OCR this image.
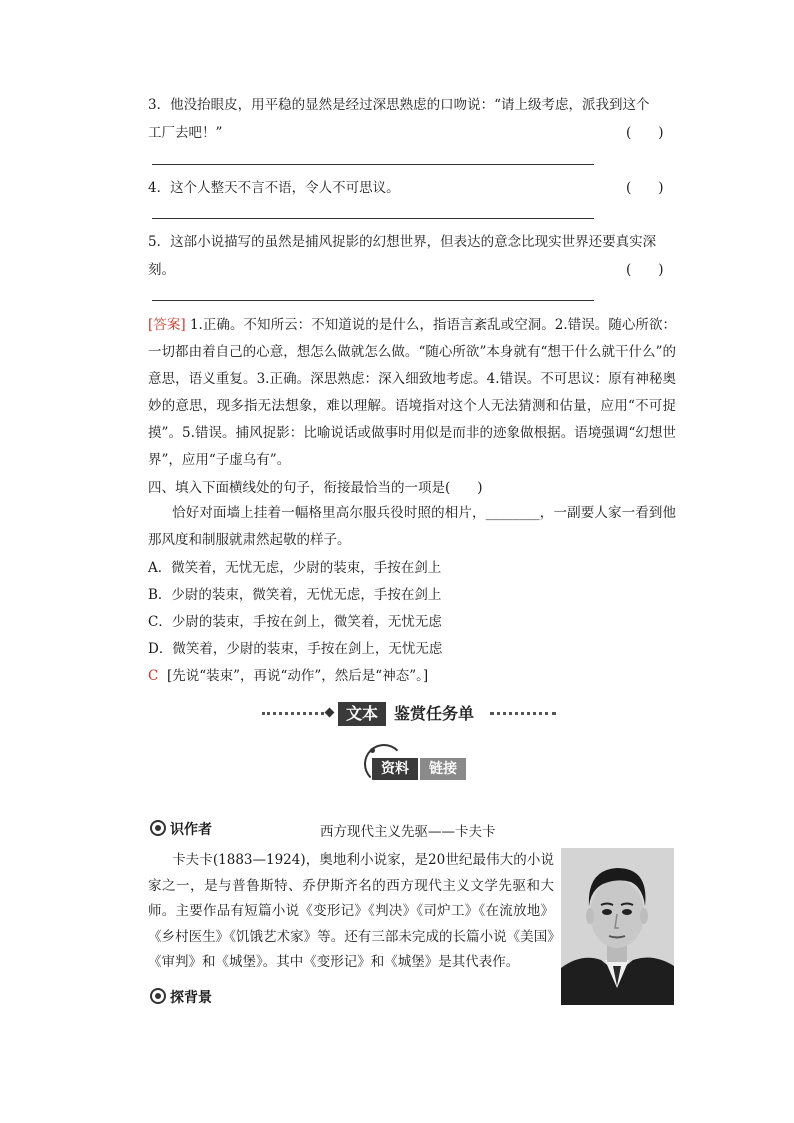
3．他没抬眼皮，用平稳的显然是经过深思熟虑的口吻说：“请上级考虑，派我到这个
工厂去吧！”	(　　)
4．这个人整天不言不语，令人不可思议。	(　　)
5．这部小说描写的虽然是捕风捉影的幻想世界，但表达的意念比现实世界还要真实深
刻。	(　　)
[答案] 1.正确。不知所云：不知道说的是什么，指语言紊乱或空洞。2.错误。随心所欲：一切都由着自己的心意，想怎么做就怎么做。“随心所欲”本身就有“想干什么就干什么”的意思，语义重复。3.正确。深思熟虑：深入细致地考虑。4.错误。不可思议：原有神秘奥妙的意思，现多指无法想象，难以理解。语境指对这个人无法猜测和估量，应用“不可捉摸”。5.错误。捕风捉影：比喻说话或做事时用似是而非的迹象做根据。语境强调“幻想世界”，应用“子虚乌有”。
四、填入下面横线处的句子，衔接最恰当的一项是(　　)
恰好对面墙上挂着一幅格里高尔服兵役时照的相片，________，一副要人家一看到他那风度和制服就肃然起敬的样子。
A．微笑着，无忧无虑，少尉的装束，手按在剑上
B．少尉的装束，微笑着，无忧无虑，手按在剑上
C．少尉的装束，手按在剑上，微笑着，无忧无虑
D．微笑着，少尉的装束，手按在剑上，无忧无虑
C [先说“装束”，再说“动作”，然后是“神态”。]
文本	鉴赏任务单
资料	链接
识作者	西方现代主义先驱——卡夫卡
卡夫卡(1883—1924)，奥地利小说家，是20世纪最伟大的小说家之一，是与普鲁斯特、乔伊斯齐名的西方现代主义文学先驱和大师。主要作品有短篇小说《变形记》《判决》《司炉工》《在流放地》《乡村医生》《饥饿艺术家》等。还有三部未完成的长篇小说《美国》《审判》和《城堡》。其中《变形记》和《城堡》是其代表作。
探背景
